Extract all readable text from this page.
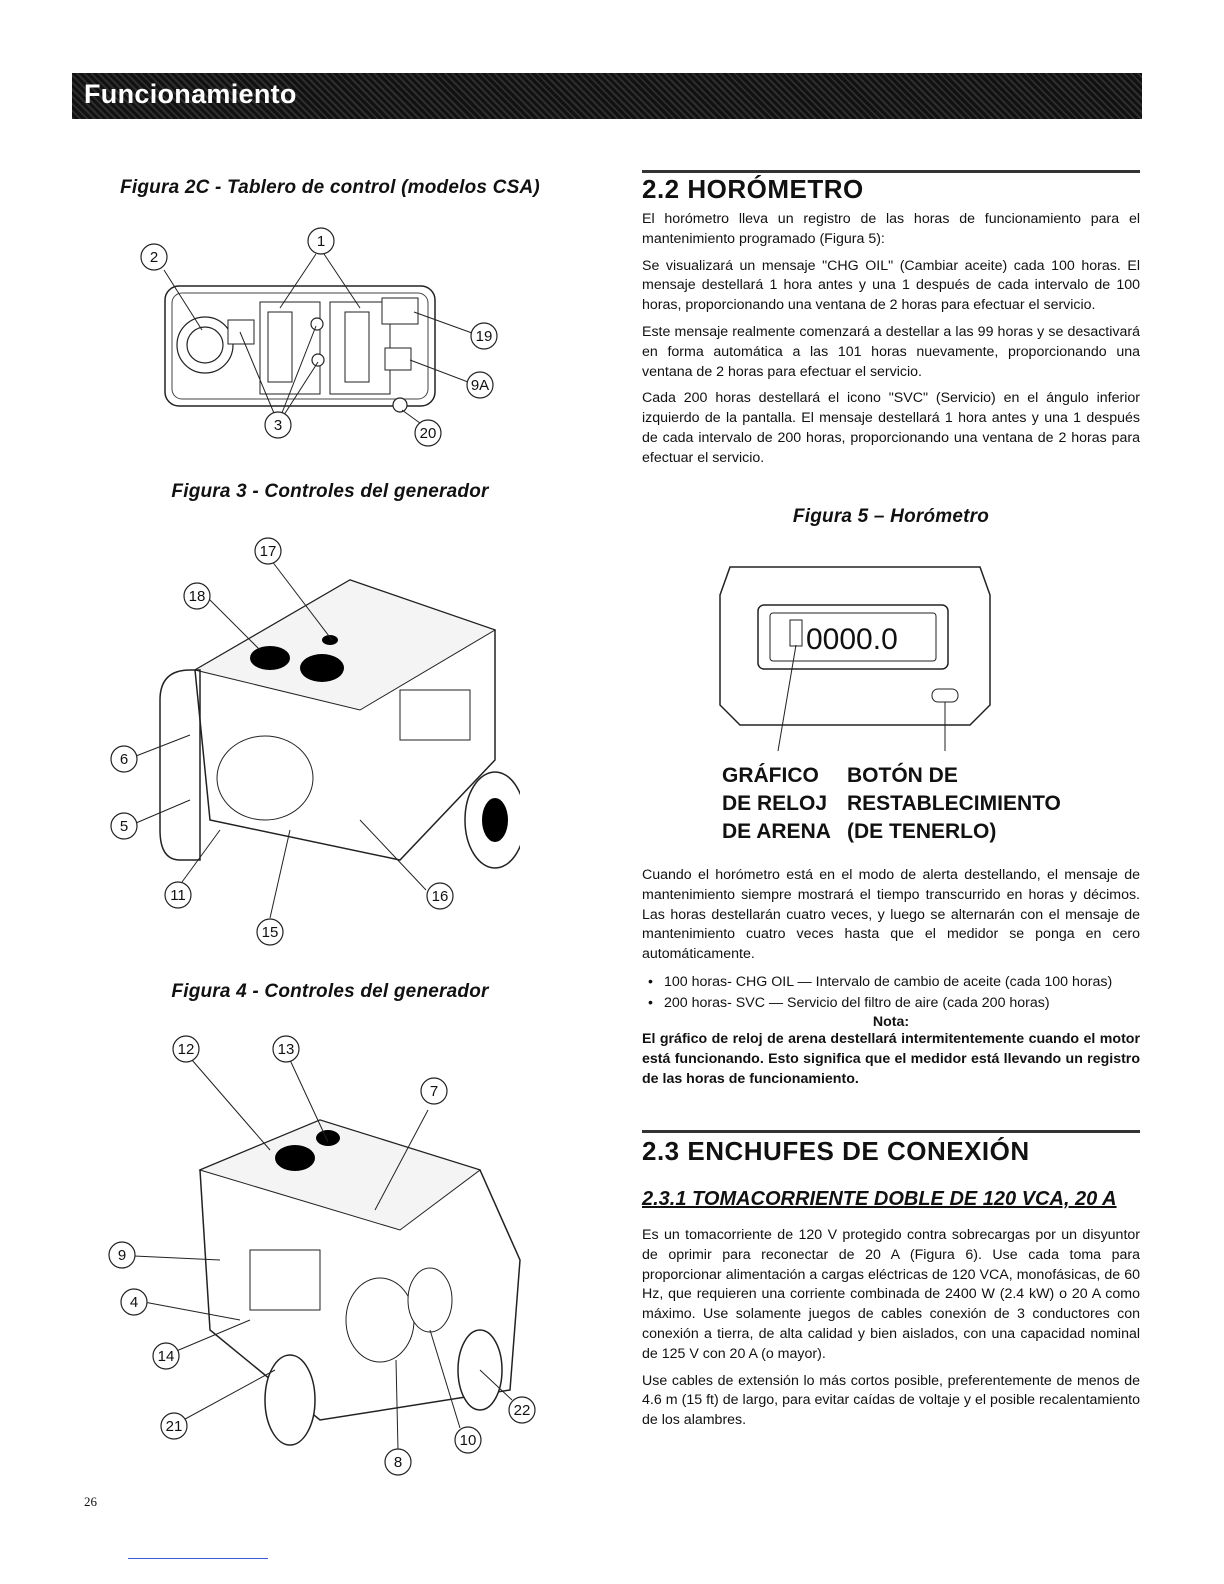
Funcionamiento
Figura 2C - Tablero de control (modelos CSA)
1
2
3
19
9A
20
Figura 3 - Controles del generador
17
18
6
5
11
15
16
Figura 4 - Controles del generador
12	13
7
9
4
14
21
8
10
22
2.2 HORÓMETRO

El horómetro lleva un registro de las horas de funcionamiento para el mantenimiento programado (Figura 5):

Se visualizará un mensaje "CHG OIL" (Cambiar aceite) cada 100 horas. El mensaje destellará 1 hora antes y una 1 después de cada intervalo de 100 horas, proporcionando una ventana de 2 horas para efectuar el servicio.

Este mensaje realmente comenzará a destellar a las 99 horas y se desactivará en forma automática a las 101 horas nuevamente, proporcionando una ventana de 2 horas para efectuar el servicio.

Cada 200 horas destellará el icono "SVC" (Servicio) en el ángulo inferior izquierdo de la pantalla. El mensaje destellará 1 hora antes y una 1 después de cada intervalo de 200 horas, proporcionando una ventana de 2 horas para efectuar el servicio.

Figura 5 – Horómetro
0000.0
GRÁFICO
DE RELOJ
DE ARENA
BOTÓN DE
RESTABLECIMIENTO
(DE TENERLO)

Cuando el horómetro está en el modo de alerta destellando, el mensaje de mantenimiento siempre mostrará el tiempo transcurrido en horas y décimos. Las horas destellarán cuatro veces, y luego se alternarán con el mensaje de mantenimiento cuatro veces hasta que el medidor se ponga en cero automáticamente.

• 100 horas- CHG OIL — Intervalo de cambio de aceite (cada 100 horas)
• 200 horas- SVC — Servicio del filtro de aire (cada 200 horas)
Nota:

El gráfico de reloj de arena destellará intermitentemente cuando el motor está funcionando. Esto significa que el medidor está llevando un registro de las horas de funcionamiento.

2.3 ENCHUFES DE CONEXIÓN
2.3.1 TOMACORRIENTE DOBLE DE 120 VCA, 20 A

Es un tomacorriente de 120 V protegido contra sobrecargas por un disyuntor de oprimir para reconectar de 20 A (Figura 6). Use cada toma para proporcionar alimentación a cargas eléctricas de 120 VCA, monofásicas, de 60 Hz, que requieren una corriente combinada de 2400 W (2.4 kW) o 20 A como máximo. Use solamente juegos de cables conexión de 3 conductores con conexión a tierra, de alta calidad y bien aislados, con una capacidad nominal de 125 V con 20 A (o mayor).

Use cables de extensión lo más cortos posible, preferentemente de menos de 4.6 m (15 ft) de largo, para evitar caídas de voltaje y el posible recalentamiento de los alambres.

26
